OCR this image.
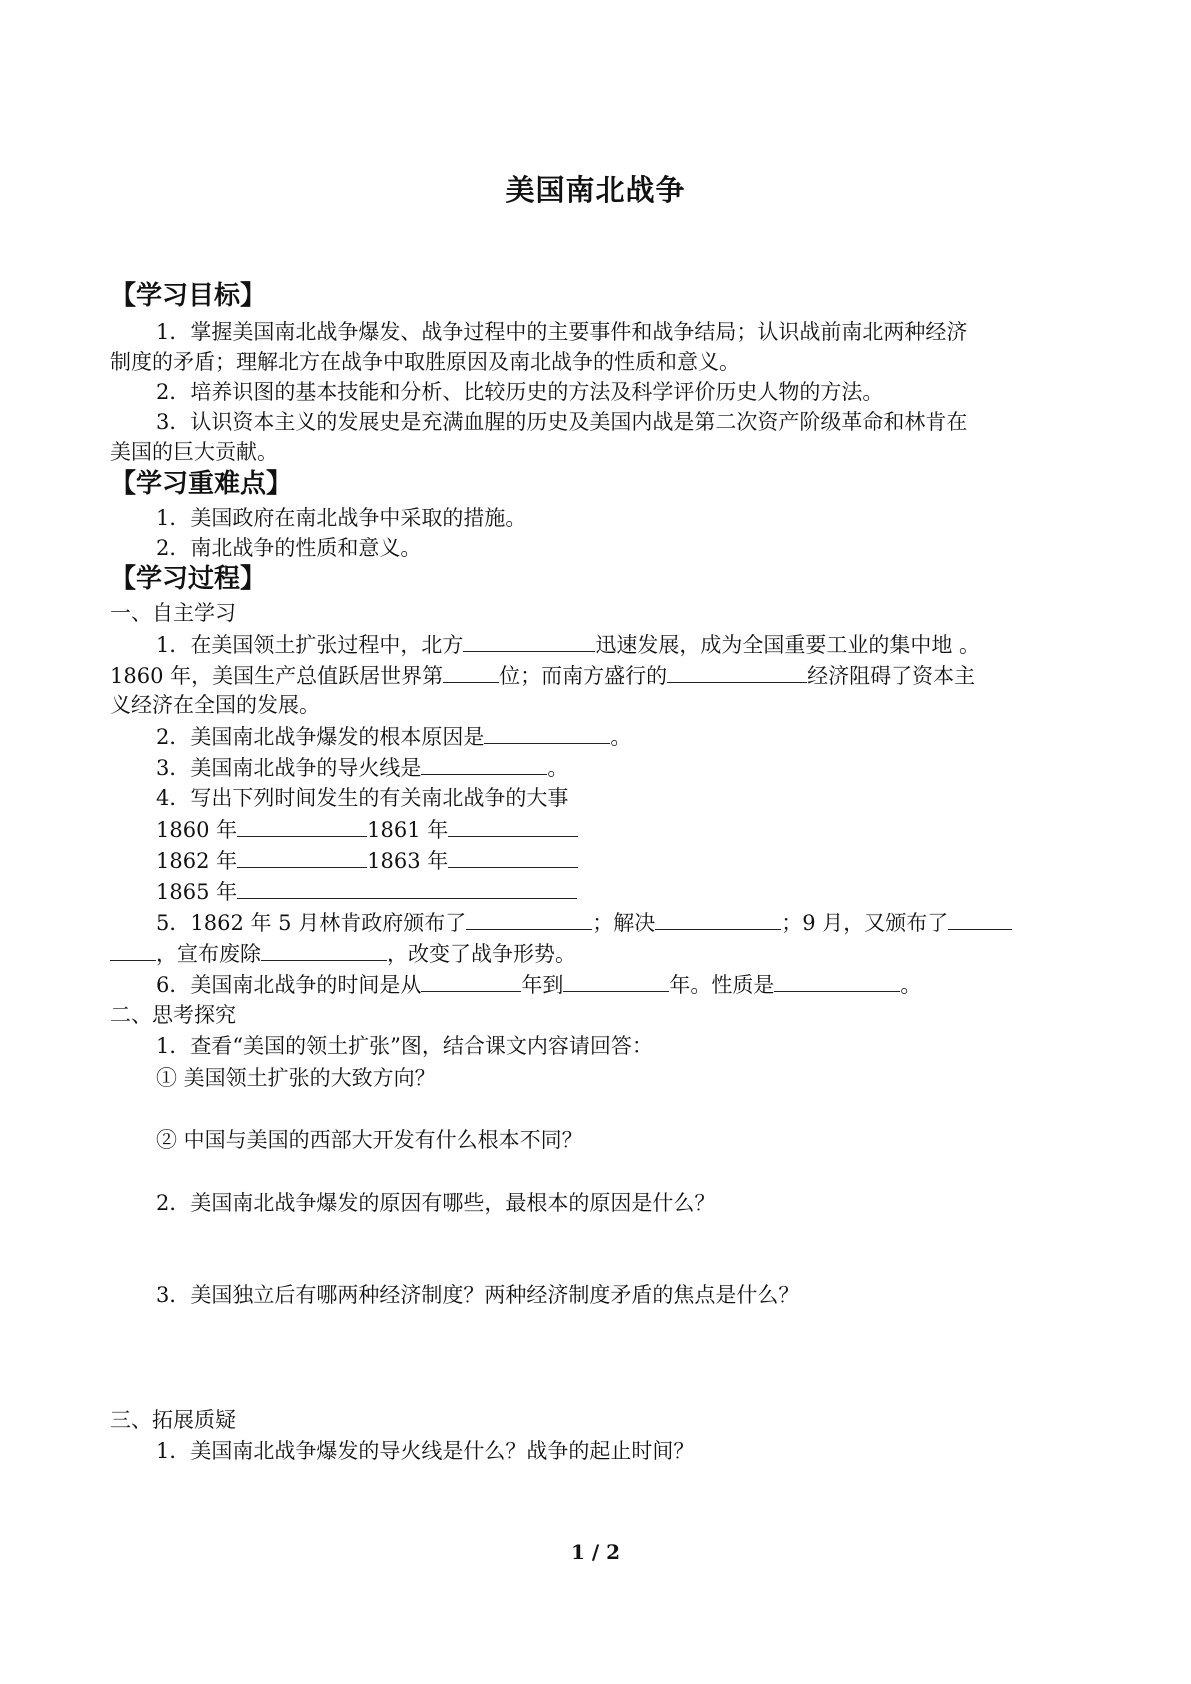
美国南北战争
【学习目标】
1．掌握美国南北战争爆发、战争过程中的主要事件和战争结局；认识战前南北两种经济
制度的矛盾；理解北方在战争中取胜原因及南北战争的性质和意义。
2．培养识图的基本技能和分析、比较历史的方法及科学评价历史人物的方法。
3．认识资本主义的发展史是充满血腥的历史及美国内战是第二次资产阶级革命和林肯在
美国的巨大贡献。
【学习重难点】
1．美国政府在南北战争中采取的措施。
2．南北战争的性质和意义。
【学习过程】
一、自主学习
1．在美国领土扩张过程中，北方	迅速发展，成为全国重要工业的集中地 。
1860 年，美国生产总值跃居世界第	位；而南方盛行的	经济阻碍了资本主
义经济在全国的发展。
2．美国南北战争爆发的根本原因是	。
3．美国南北战争的导火线是	。
4．写出下列时间发生的有关南北战争的大事
1860 年	1861 年
1862 年	1863 年
1865 年
5．1862 年 5 月林肯政府颁布了	；解决	；9 月，又颁布了
，宣布废除	，改变了战争形势。
6．美国南北战争的时间是从	年到	年。性质是	。
二、思考探究
1．查看“美国的领土扩张”图，结合课文内容请回答：
① 美国领土扩张的大致方向？
② 中国与美国的西部大开发有什么根本不同？
2．美国南北战争爆发的原因有哪些，最根本的原因是什么？
3．美国独立后有哪两种经济制度？两种经济制度矛盾的焦点是什么？
三、拓展质疑
1．美国南北战争爆发的导火线是什么？战争的起止时间？
1 / 2
